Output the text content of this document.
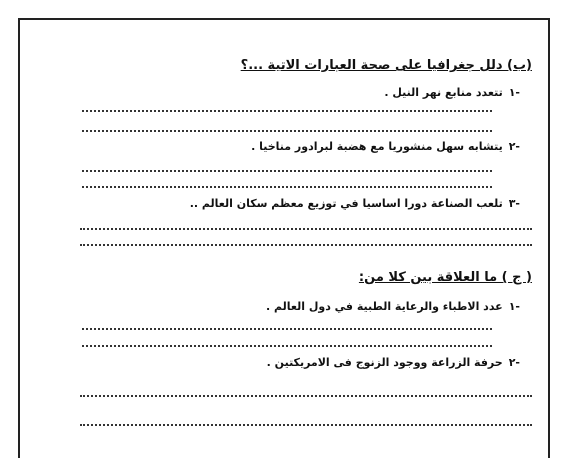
(ب) دلل جغرافيا على صحة العبارات الاتية ...؟
-١تتعدد منابع نهر النيل .
-٢يتشابه سهل منشوريا مع هضبة لبرادور مناخيا .
-٣تلعب الصناعة دورا اساسيا في توزيع معظم سكان العالم ..
( ج ) ما العلاقة بين كلا من:
-١عدد الاطباء والرعاية الطبية في دول العالم .
-٢حرفة الزراعة ووجود الزنوج فى الامريكتين .
